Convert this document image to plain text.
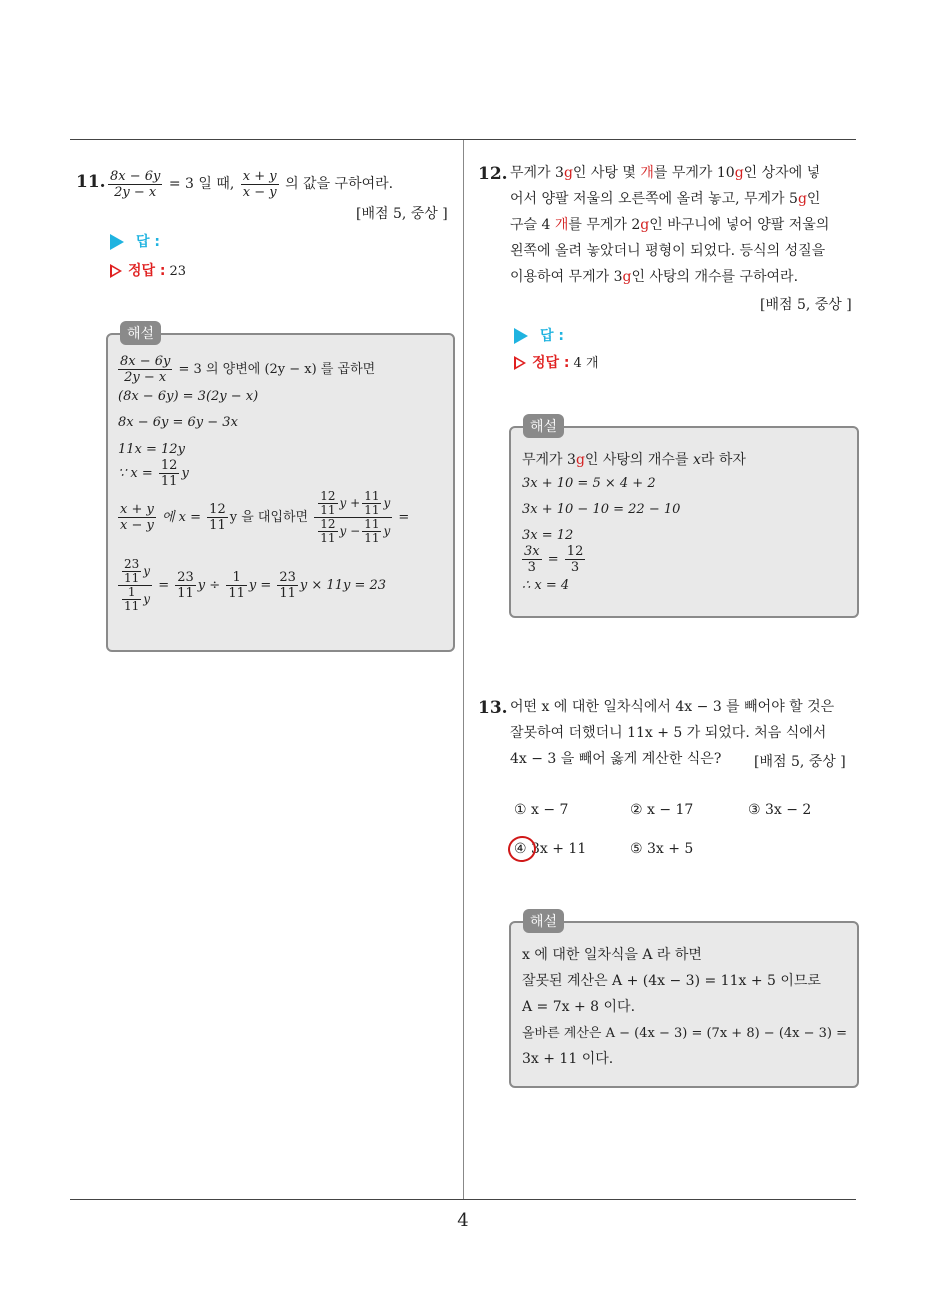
4
11. $\frac{8x - 6y}{2y - x} = 3$ 일 때, $\frac{x + y}{x - y}$ 의 값을 구하여라.
[배점 5, 중상 ]
답 :
정답 : 23
해설
$\frac{8x - 6y}{2y - x} = 3$ 의 양변에 (2y − x) 를 곱하면
(8x − 6y) = 3(2y − x)
8x − 6y = 6y − 3x
11x = 12y
∵ $x = \frac{12}{11}$ y
$\frac{x + y}{x - y}$ 에 $x = \frac{12}{11}$ y 을 대입하면 $\frac{\frac{12}{11} y + \frac{11}{11} y}{\frac{12}{11} y - \frac{11}{11} y}$ =
$\frac{\frac{23}{11} y}{\frac{1}{11} y} = \frac{23}{11}$ $y \div \frac{1}{11}$ $y = \frac{23}{11}$ y × 11y = 23
12. 무게가 3g인 사탕 몇 개를 무게가 10g인 상자에 넣
어서 양팔 저울의 오른쪽에 올려 놓고, 무게가 5g인
구슬 4 개를 무게가 2g인 바구니에 넣어 양팔 저울의
왼쪽에 올려 놓았더니 평형이 되었다. 등식의 성질을
이용하여 무게가 3g인 사탕의 개수를 구하여라.
[배점 5, 중상 ]
답 :
정답 : 4 개
해설
무게가 3g인 사탕의 개수를 x라 하자
3x + 10 = 5 × 4 + 2
3x + 10 − 10 = 22 − 10
3x = 12
$\frac{3x}{3} = \frac{12}{3}$
∴ x = 4
13. 어떤 x 에 대한 일차식에서 4x − 3 를 빼어야 할 것은
잘못하여 더했더니 11x + 5 가 되었다. 처음 식에서
4x − 3 을 빼어 옳게 계산한 식은?	[배점 5, 중상 ]
① x − 7	② x − 17	③ 3x − 2
④ 3x + 11	⑤ 3x + 5
해설
x 에 대한 일차식을 A 라 하면
잘못된 계산은 A + (4x − 3) = 11x + 5 이므로
A = 7x + 8 이다.
올바른 계산은 A − (4x − 3) = (7x + 8) − (4x − 3) =
3x + 11 이다.
